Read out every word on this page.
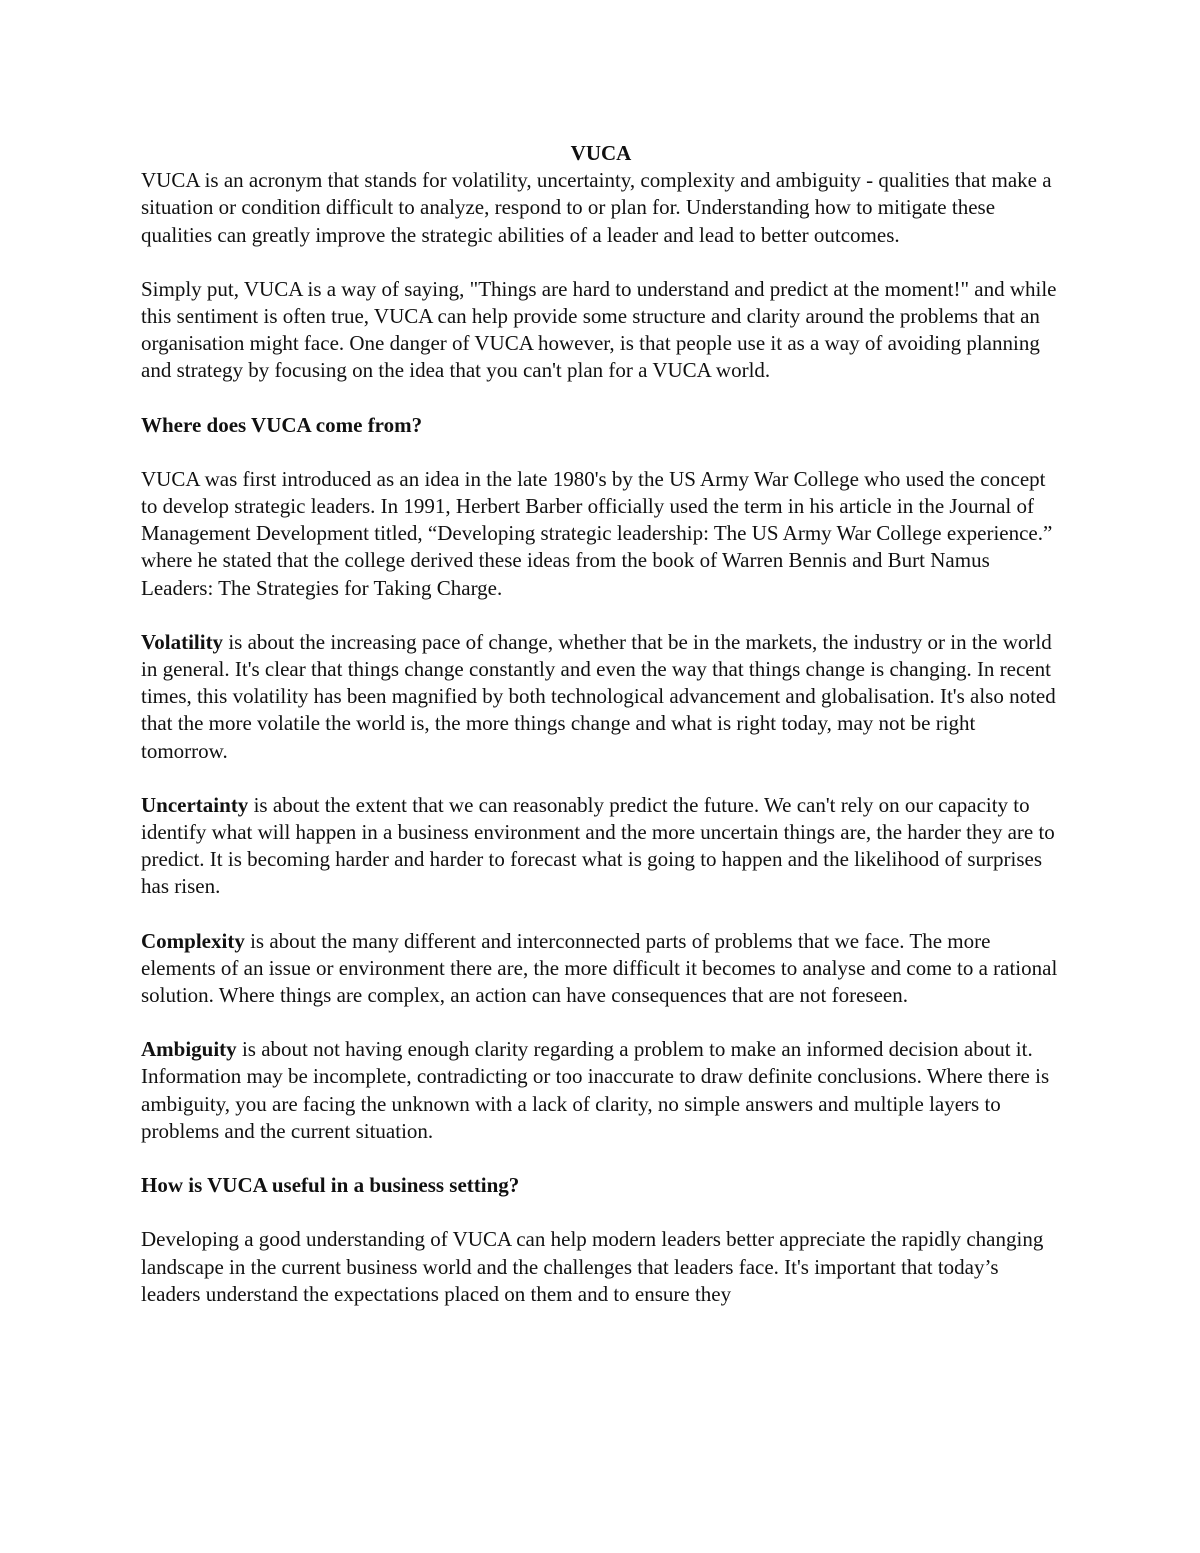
VUCA

VUCA is an acronym that stands for volatility, uncertainty, complexity and ambiguity - qualities that make a situation or condition difficult to analyze, respond to or plan for. Understanding how to mitigate these qualities can greatly improve the strategic abilities of a leader and lead to better outcomes.

Simply put, VUCA is a way of saying, "Things are hard to understand and predict at the moment!" and while this sentiment is often true, VUCA can help provide some structure and clarity around the problems that an organisation might face. One danger of VUCA however, is that people use it as a way of avoiding planning and strategy by focusing on the idea that you can't plan for a VUCA world.

Where does VUCA come from?

VUCA was first introduced as an idea in the late 1980's by the US Army War College who used the concept to develop strategic leaders. In 1991, Herbert Barber officially used the term in his article in the Journal of Management Development titled, “Developing strategic leadership: The US Army War College experience.” where he stated that the college derived these ideas from the book of Warren Bennis and Burt Namus Leaders: The Strategies for Taking Charge.

Volatility is about the increasing pace of change, whether that be in the markets, the industry or in the world in general. It's clear that things change constantly and even the way that things change is changing. In recent times, this volatility has been magnified by both technological advancement and globalisation. It's also noted that the more volatile the world is, the more things change and what is right today, may not be right tomorrow.

Uncertainty is about the extent that we can reasonably predict the future. We can't rely on our capacity to identify what will happen in a business environment and the more uncertain things are, the harder they are to predict. It is becoming harder and harder to forecast what is going to happen and the likelihood of surprises has risen.

Complexity is about the many different and interconnected parts of problems that we face. The more elements of an issue or environment there are, the more difficult it becomes to analyse and come to a rational solution. Where things are complex, an action can have consequences that are not foreseen.

Ambiguity is about not having enough clarity regarding a problem to make an informed decision about it. Information may be incomplete, contradicting or too inaccurate to draw definite conclusions. Where there is ambiguity, you are facing the unknown with a lack of clarity, no simple answers and multiple layers to problems and the current situation.

How is VUCA useful in a business setting?

Developing a good understanding of VUCA can help modern leaders better appreciate the rapidly changing landscape in the current business world and the challenges that leaders face. It's important that today’s leaders understand the expectations placed on them and to ensure they
